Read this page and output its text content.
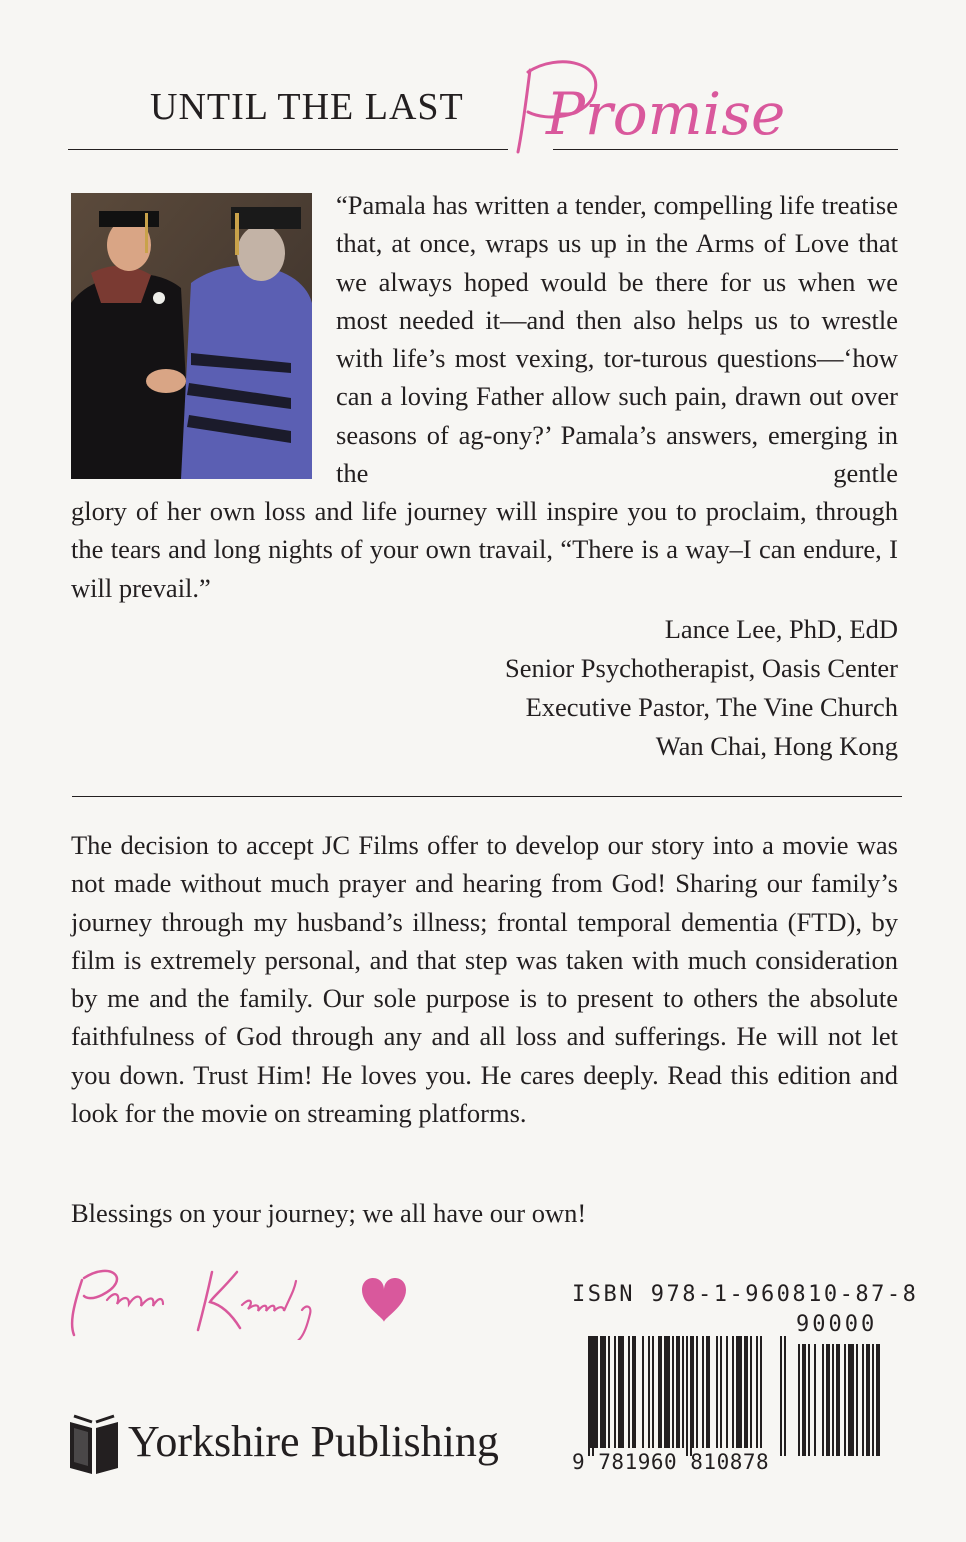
UNTIL THE LAST Promise

“Pamala has written a tender, compelling life treatise that, at once, wraps us up in the Arms of Love that we always hoped would be there for us when we most needed it—and then also helps us to wrestle with life’s most vexing, tor-turous questions—‘how can a loving Father allow such pain, drawn out over seasons of ag-ony?’ Pamala’s answers, emerging in the gentle

glory of her own loss and life journey will inspire you to proclaim, through the tears and long nights of your own travail, “There is a way–I can endure, I will prevail.”

Lance Lee, PhD, EdD
Senior Psychotherapist, Oasis Center
Executive Pastor, The Vine Church
Wan Chai, Hong Kong

The decision to accept JC Films offer to develop our story into a movie was not made without much prayer and hearing from God! Sharing our family’s journey through my husband’s illness; frontal temporal dementia (FTD), by film is extremely personal, and that step was taken with much consideration by me and the family. Our sole purpose is to present to others the absolute faithfulness of God through any and all loss and sufferings. He will not let you down. Trust Him! He loves you. He cares deeply. Read this edition and look for the movie on streaming platforms.

Blessings on your journey; we all have our own!

Yorkshire Publishing
ISBN 978-1-960810-87-8
90000
9 781960 810878
